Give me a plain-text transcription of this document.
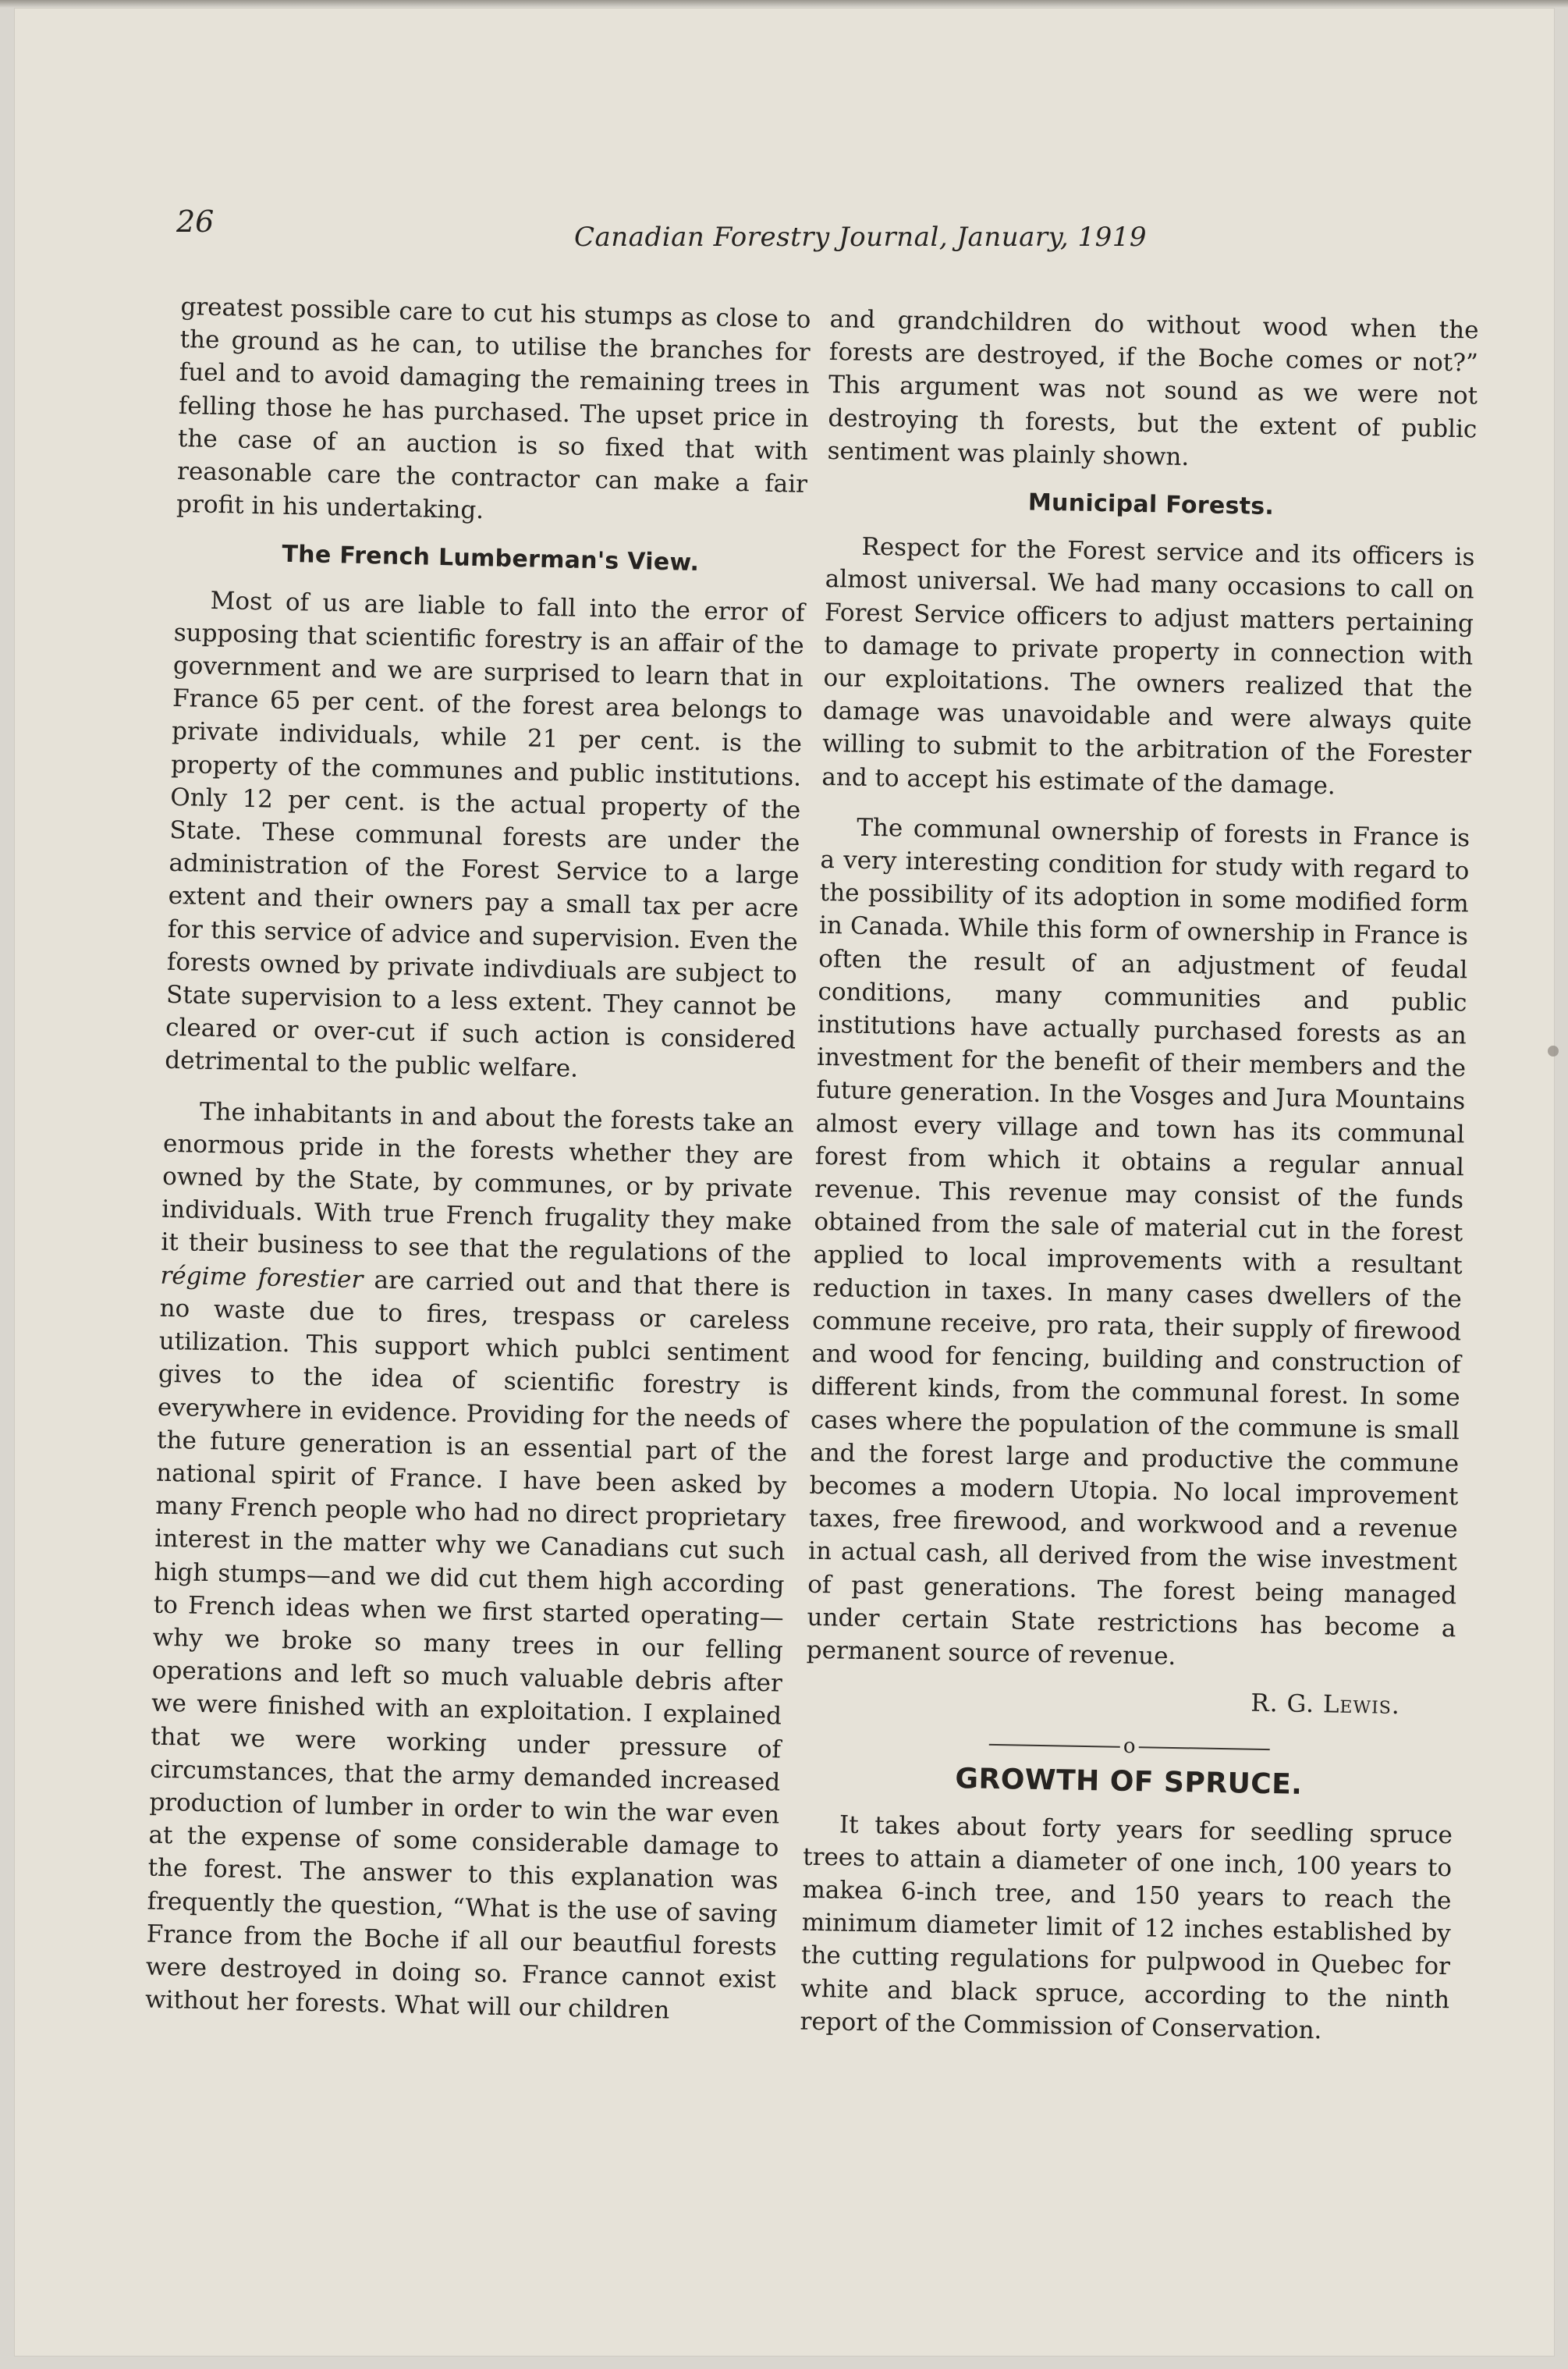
26	Canadian Forestry Journal, January, 1919

greatest possible care to cut his stumps as close to the ground as he can, to utilise the branches for fuel and to avoid damaging the remaining trees in felling those he has purchased. The upset price in the case of an auction is so fixed that with reasonable care the contractor can make a fair profit in his undertaking.

The French Lumberman's View.

Most of us are liable to fall into the error of supposing that scientific forestry is an affair of the government and we are surprised to learn that in France 65 per cent. of the forest area belongs to private individuals, while 21 per cent. is the property of the communes and public institutions. Only 12 per cent. is the actual property of the State. These communal forests are under the administration of the Forest Service to a large extent and their owners pay a small tax per acre for this service of advice and supervision. Even the forests owned by private indivdiuals are subject to State supervision to a less extent. They cannot be cleared or over-cut if such action is considered detrimental to the public welfare.

The inhabitants in and about the forests take an enormous pride in the forests whether they are owned by the State, by communes, or by private individuals. With true French frugality they make it their business to see that the regulations of the régime forestier are carried out and that there is no waste due to fires, trespass or careless utilization. This support which publci sentiment gives to the idea of scientific forestry is everywhere in evidence. Providing for the needs of the future generation is an essential part of the national spirit of France. I have been asked by many French people who had no direct proprietary interest in the matter why we Canadians cut such high stumps—and we did cut them high according to French ideas when we first started operating—why we broke so many trees in our felling operations and left so much valuable debris after we were finished with an exploitation. I explained that we were working under pressure of circumstances, that the army demanded increased production of lumber in order to win the war even at the expense of some considerable damage to the forest. The answer to this explanation was frequently the question, “What is the use of saving France from the Boche if all our beautfiul forests were destroyed in doing so. France cannot exist without her forests. What will our children

and grandchildren do without wood when the forests are destroyed, if the Boche comes or not?” This argument was not sound as we were not destroying th forests, but the extent of public sentiment was plainly shown.

Municipal Forests.

Respect for the Forest service and its officers is almost universal. We had many occasions to call on Forest Service officers to adjust matters pertaining to damage to private property in connection with our exploitations. The owners realized that the damage was unavoidable and were always quite willing to submit to the arbitration of the Forester and to accept his estimate of the damage.

The communal ownership of forests in France is a very interesting condition for study with regard to the possibility of its adoption in some modified form in Canada. While this form of ownership in France is often the result of an adjustment of feudal conditions, many communities and public institutions have actually purchased forests as an investment for the benefit of their members and the future generation. In the Vosges and Jura Mountains almost every village and town has its communal forest from which it obtains a regular annual revenue. This revenue may consist of the funds obtained from the sale of material cut in the forest applied to local improvements with a resultant reduction in taxes. In many cases dwellers of the commune receive, pro rata, their supply of firewood and wood for fencing, building and construction of different kinds, from the communal forest. In some cases where the population of the commune is small and the forest large and productive the commune becomes a modern Utopia. No local improvement taxes, free firewood, and workwood and a revenue in actual cash, all derived from the wise investment of past generations. The forest being managed under certain State restrictions has become a permanent source of revenue.

R. G. Lewis.
o
GROWTH OF SPRUCE.

It takes about forty years for seedling spruce trees to attain a diameter of one inch, 100 years to makea 6-inch tree, and 150 years to reach the minimum diameter limit of 12 inches established by the cutting regulations for pulpwood in Quebec for white and black spruce, according to the ninth report of the Commission of Conservation.
